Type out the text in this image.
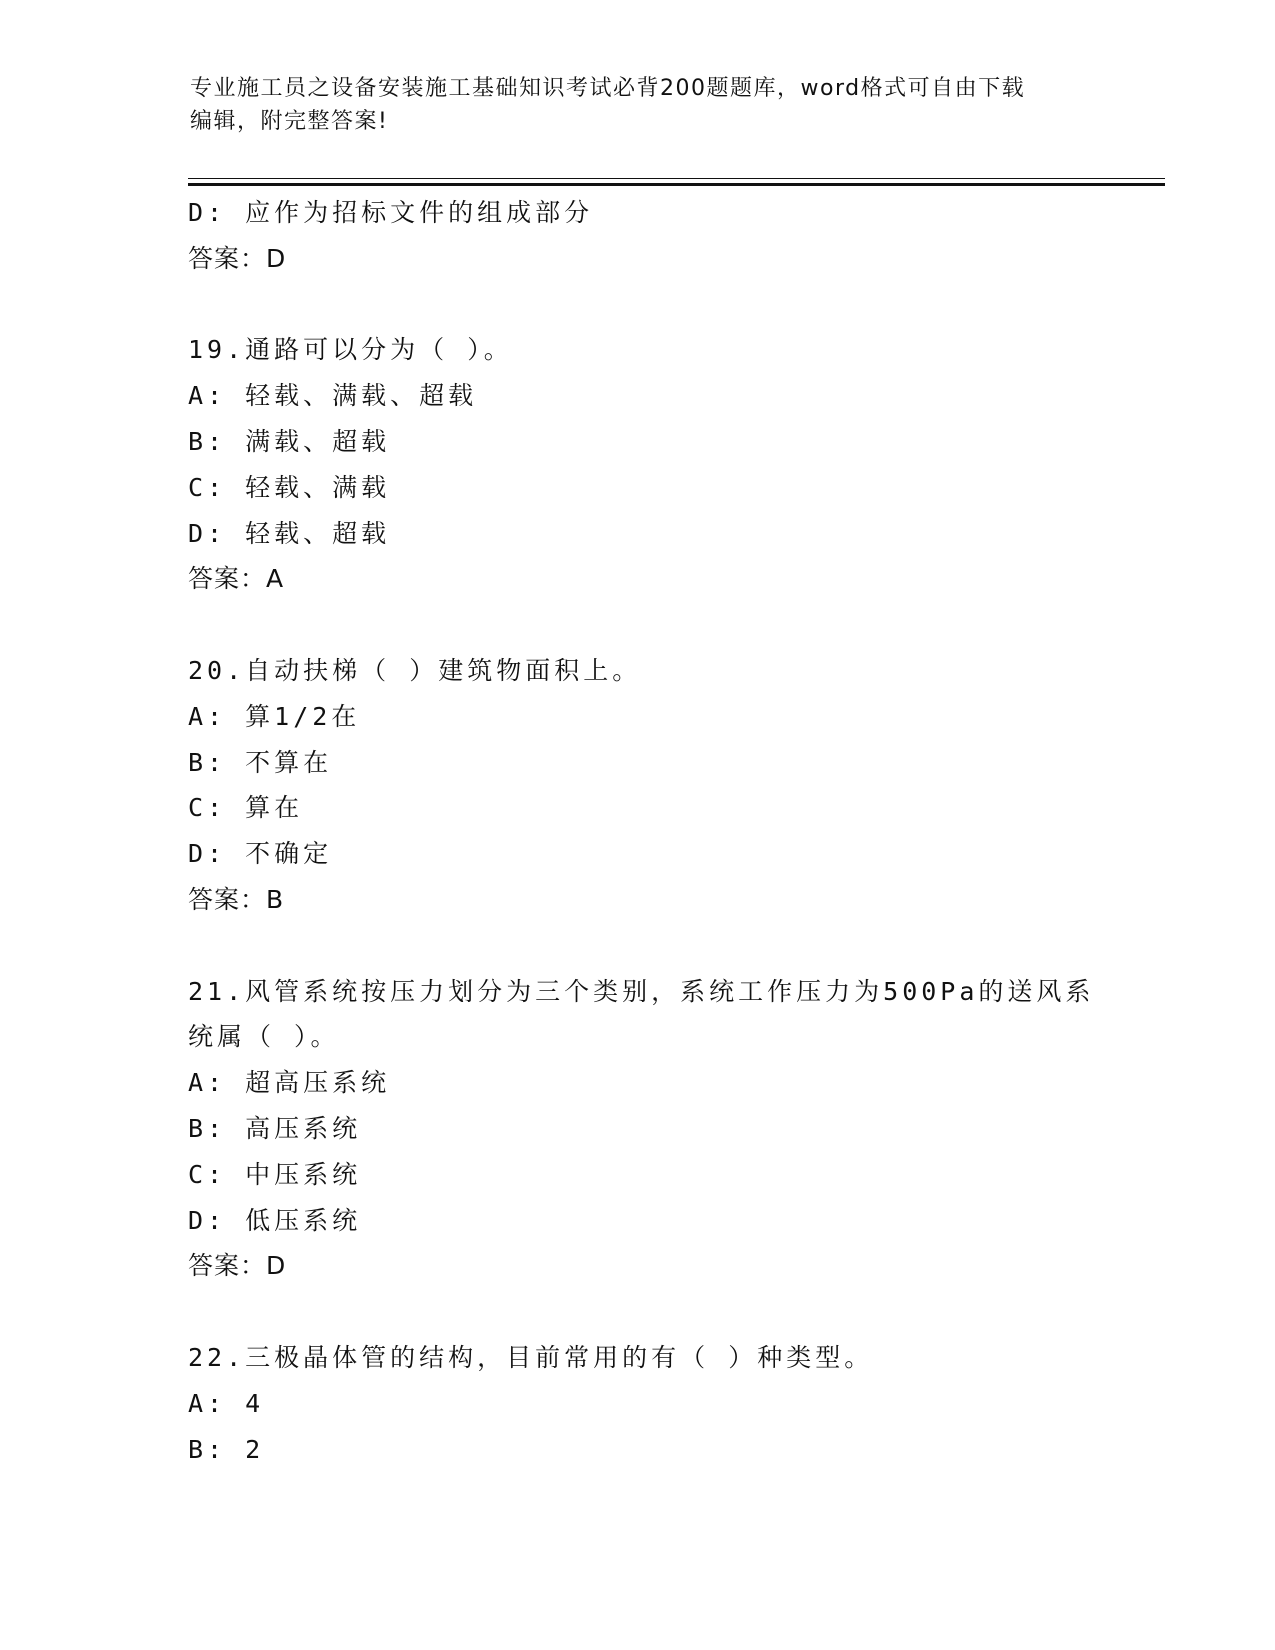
专业施工员之设备安装施工基础知识考试必背200题题库，word格式可自由下载
编辑，附完整答案!
D: 应作为招标文件的组成部分
答案：D
19.通路可以分为（ ）。
A: 轻载、满载、超载
B: 满载、超载
C: 轻载、满载
D: 轻载、超载
答案：A
20.自动扶梯（ ）建筑物面积上。
A: 算1/2在
B: 不算在
C: 算在
D: 不确定
答案：B
21.风管系统按压力划分为三个类别，系统工作压力为500Pa的送风系
统属（ ）。
A: 超高压系统
B: 高压系统
C: 中压系统
D: 低压系统
答案：D
22.三极晶体管的结构，目前常用的有（ ）种类型。
A: 4
B: 2
